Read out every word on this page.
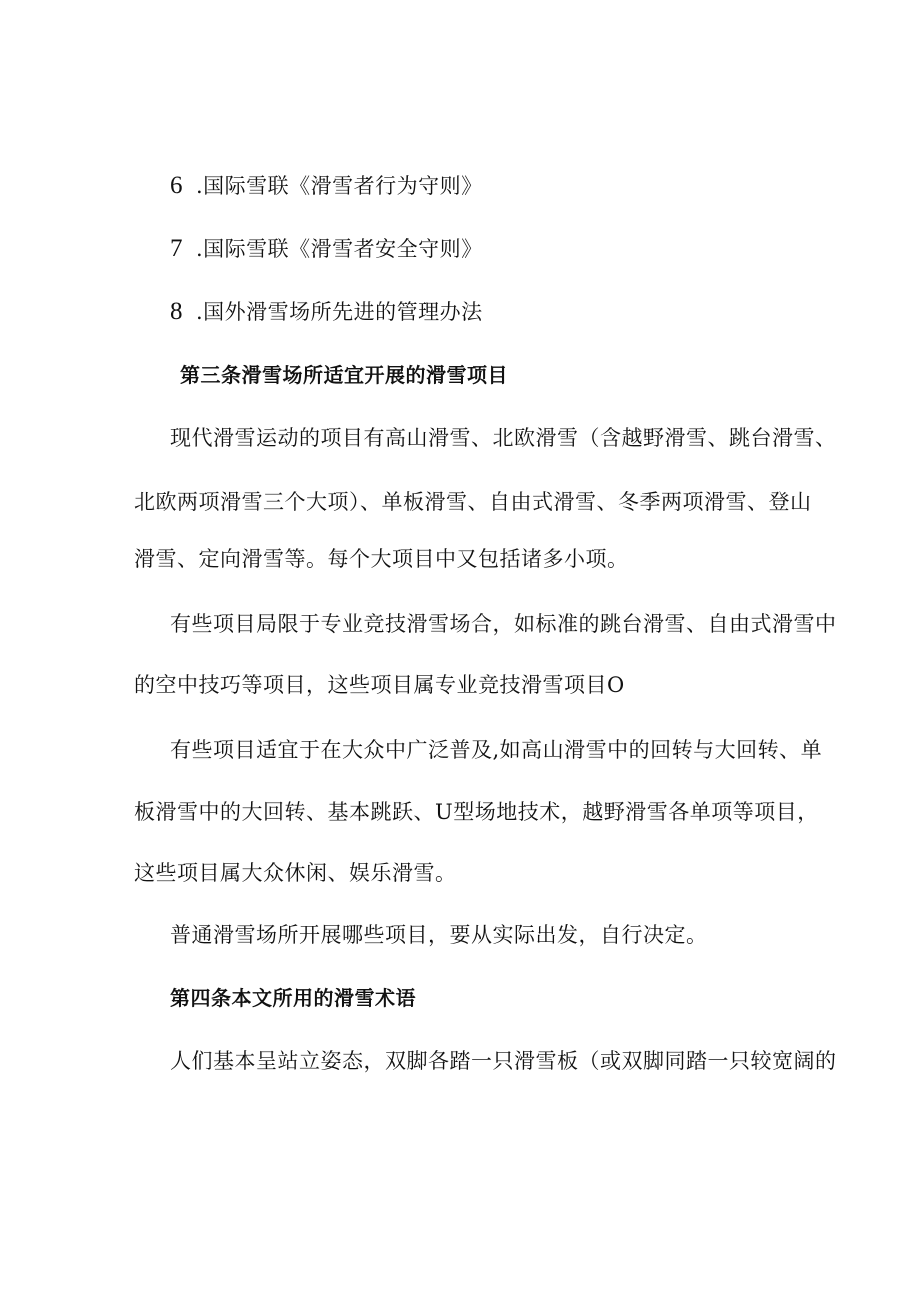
6 .国际雪联《滑雪者行为守则》
7 .国际雪联《滑雪者安全守则》
8 .国外滑雪场所先进的管理办法
第三条滑雪场所适宜开展的滑雪项目
现代滑雪运动的项目有高山滑雪、北欧滑雪（含越野滑雪、跳台滑雪、
北欧两项滑雪三个大项）、单板滑雪、自由式滑雪、冬季两项滑雪、登山
滑雪、定向滑雪等。每个大项目中又包括诸多小项。
有些项目局限于专业竞技滑雪场合，如标准的跳台滑雪、自由式滑雪中
的空中技巧等项目，这些项目属专业竞技滑雪项目O
有些项目适宜于在大众中广泛普及,如高山滑雪中的回转与大回转、单
板滑雪中的大回转、基本跳跃、U型场地技术，越野滑雪各单项等项目，
这些项目属大众休闲、娱乐滑雪。
普通滑雪场所开展哪些项目，要从实际出发，自行决定。
第四条本文所用的滑雪术语
人们基本呈站立姿态，双脚各踏一只滑雪板（或双脚同踏一只较宽阔的
